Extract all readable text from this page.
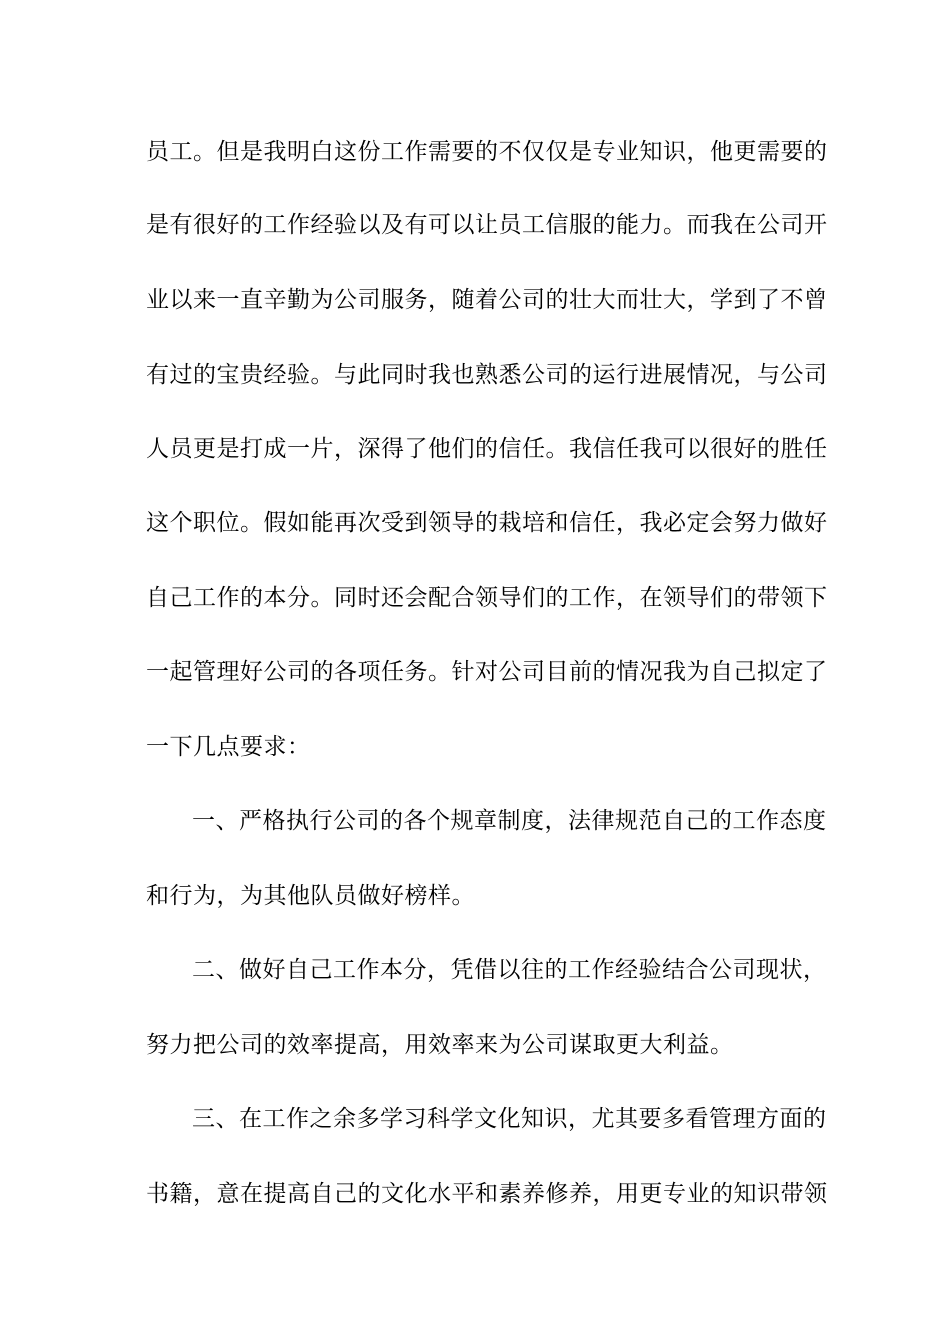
员工。但是我明白这份工作需要的不仅仅是专业知识，他更需要的
是有很好的工作经验以及有可以让员工信服的能力。而我在公司开
业以来一直辛勤为公司服务，随着公司的壮大而壮大，学到了不曾
有过的宝贵经验。与此同时我也熟悉公司的运行进展情况，与公司
人员更是打成一片，深得了他们的信任。我信任我可以很好的胜任
这个职位。假如能再次受到领导的栽培和信任，我必定会努力做好
自己工作的本分。同时还会配合领导们的工作，在领导们的带领下
一起管理好公司的各项任务。针对公司目前的情况我为自己拟定了
一下几点要求：
一、严格执行公司的各个规章制度，法律规范自己的工作态度
和行为，为其他队员做好榜样。
二、做好自己工作本分，凭借以往的工作经验结合公司现状，
努力把公司的效率提高，用效率来为公司谋取更大利益。
三、在工作之余多学习科学文化知识，尤其要多看管理方面的
书籍，意在提高自己的文化水平和素养修养，用更专业的知识带领
